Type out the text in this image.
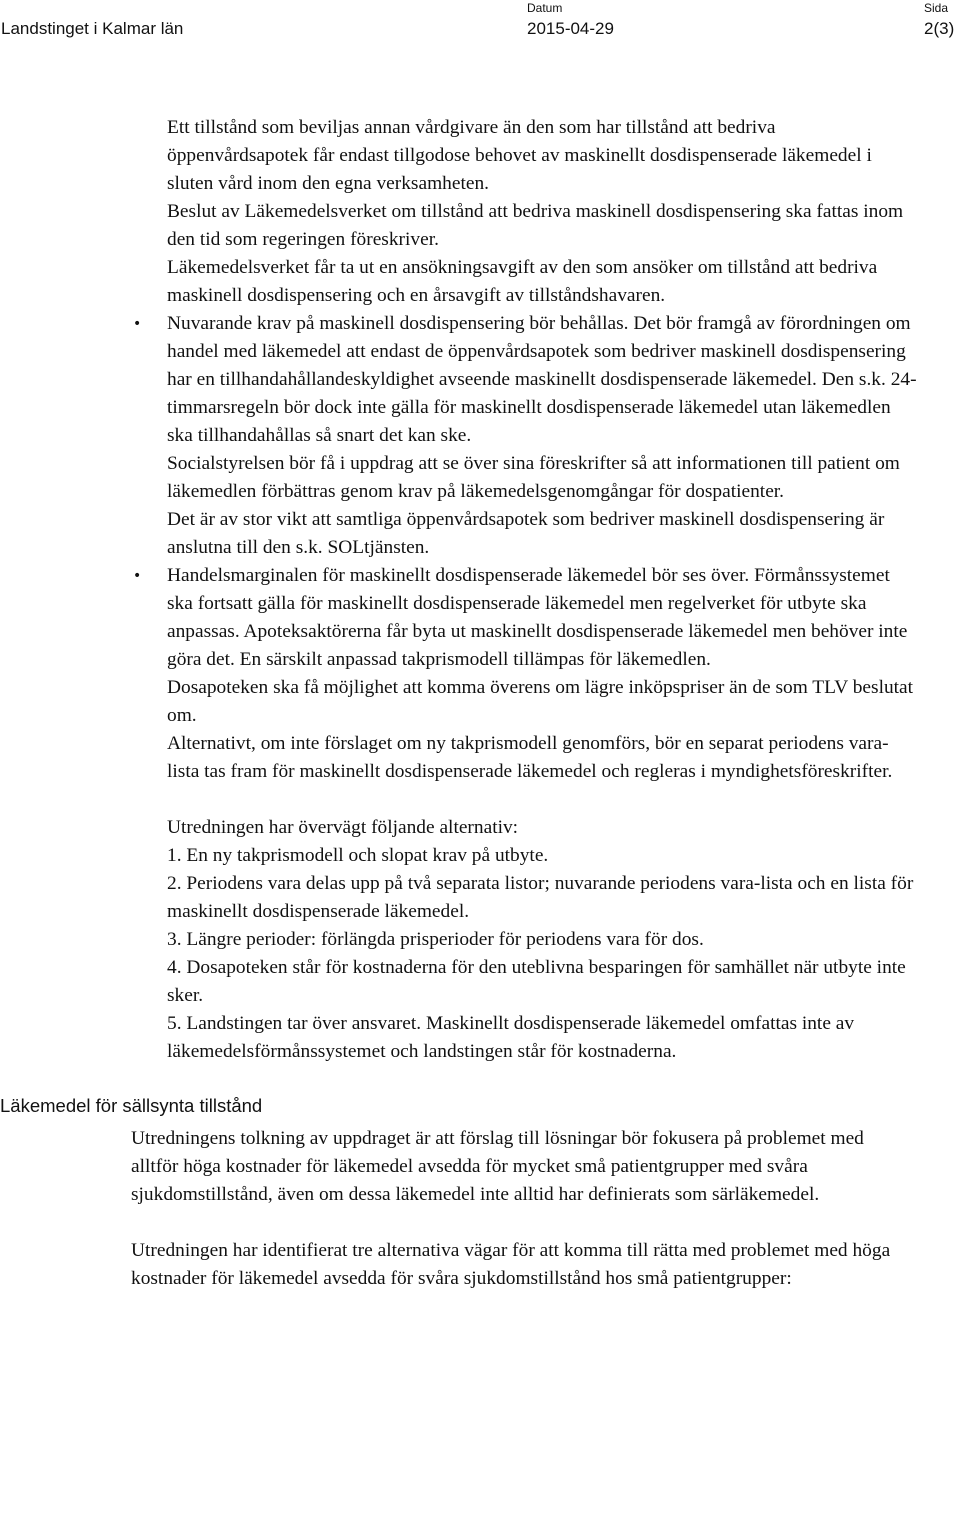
Landstinget i Kalmar län
Datum
2015-04-29
Sida
2(3)

Ett tillstånd som beviljas annan vårdgivare än den som har tillstånd att bedriva öppenvårdsapotek får endast tillgodose behovet av maskinellt dosdispenserade läkemedel i sluten vård inom den egna verksamheten.

Beslut av Läkemedelsverket om tillstånd att bedriva maskinell dosdispensering ska fattas inom den tid som regeringen föreskriver.

Läkemedelsverket får ta ut en ansökningsavgift av den som ansöker om tillstånd att bedriva maskinell dosdispensering och en årsavgift av tillståndshavaren.

• Nuvarande krav på maskinell dosdispensering bör behållas. Det bör framgå av förordningen om handel med läkemedel att endast de öppenvårdsapotek som bedriver maskinell dosdispensering har en tillhandahållandeskyldighet avseende maskinellt dosdispenserade läkemedel. Den s.k. 24-timmarsregeln bör dock inte gälla för maskinellt dosdispenserade läkemedel utan läkemedlen ska tillhandahållas så snart det kan ske.

Socialstyrelsen bör få i uppdrag att se över sina föreskrifter så att informationen till patient om läkemedlen förbättras genom krav på läkemedelsgenomgångar för dospatienter.

Det är av stor vikt att samtliga öppenvårdsapotek som bedriver maskinell dosdispensering är anslutna till den s.k. SOLtjänsten.

• Handelsmarginalen för maskinellt dosdispenserade läkemedel bör ses över. Förmånssystemet ska fortsatt gälla för maskinellt dosdispenserade läkemedel men regelverket för utbyte ska anpassas. Apoteksaktörerna får byta ut maskinellt dosdispenserade läkemedel men behöver inte göra det. En särskilt anpassad takprismodell tillämpas för läkemedlen.

Dosapoteken ska få möjlighet att komma överens om lägre inköpspriser än de som TLV beslutat om.

Alternativt, om inte förslaget om ny takprismodell genomförs, bör en separat periodens vara-lista tas fram för maskinellt dosdispenserade läkemedel och regleras i myndighetsföreskrifter.

Utredningen har övervägt följande alternativ:

1. En ny takprismodell och slopat krav på utbyte.

2. Periodens vara delas upp på två separata listor; nuvarande periodens vara-lista och en lista för maskinellt dosdispenserade läkemedel.

3. Längre perioder: förlängda prisperioder för periodens vara för dos.

4. Dosapoteken står för kostnaderna för den uteblivna besparingen för samhället när utbyte inte sker.

5. Landstingen tar över ansvaret. Maskinellt dosdispenserade läkemedel omfattas inte av läkemedelsförmånssystemet och landstingen står för kostnaderna.

Läkemedel för sällsynta tillstånd

Utredningens tolkning av uppdraget är att förslag till lösningar bör fokusera på problemet med alltför höga kostnader för läkemedel avsedda för mycket små patientgrupper med svåra sjukdomstillstånd, även om dessa läkemedel inte alltid har definierats som särläkemedel.

Utredningen har identifierat tre alternativa vägar för att komma till rätta med problemet med höga kostnader för läkemedel avsedda för svåra sjukdomstillstånd hos små patientgrupper:
